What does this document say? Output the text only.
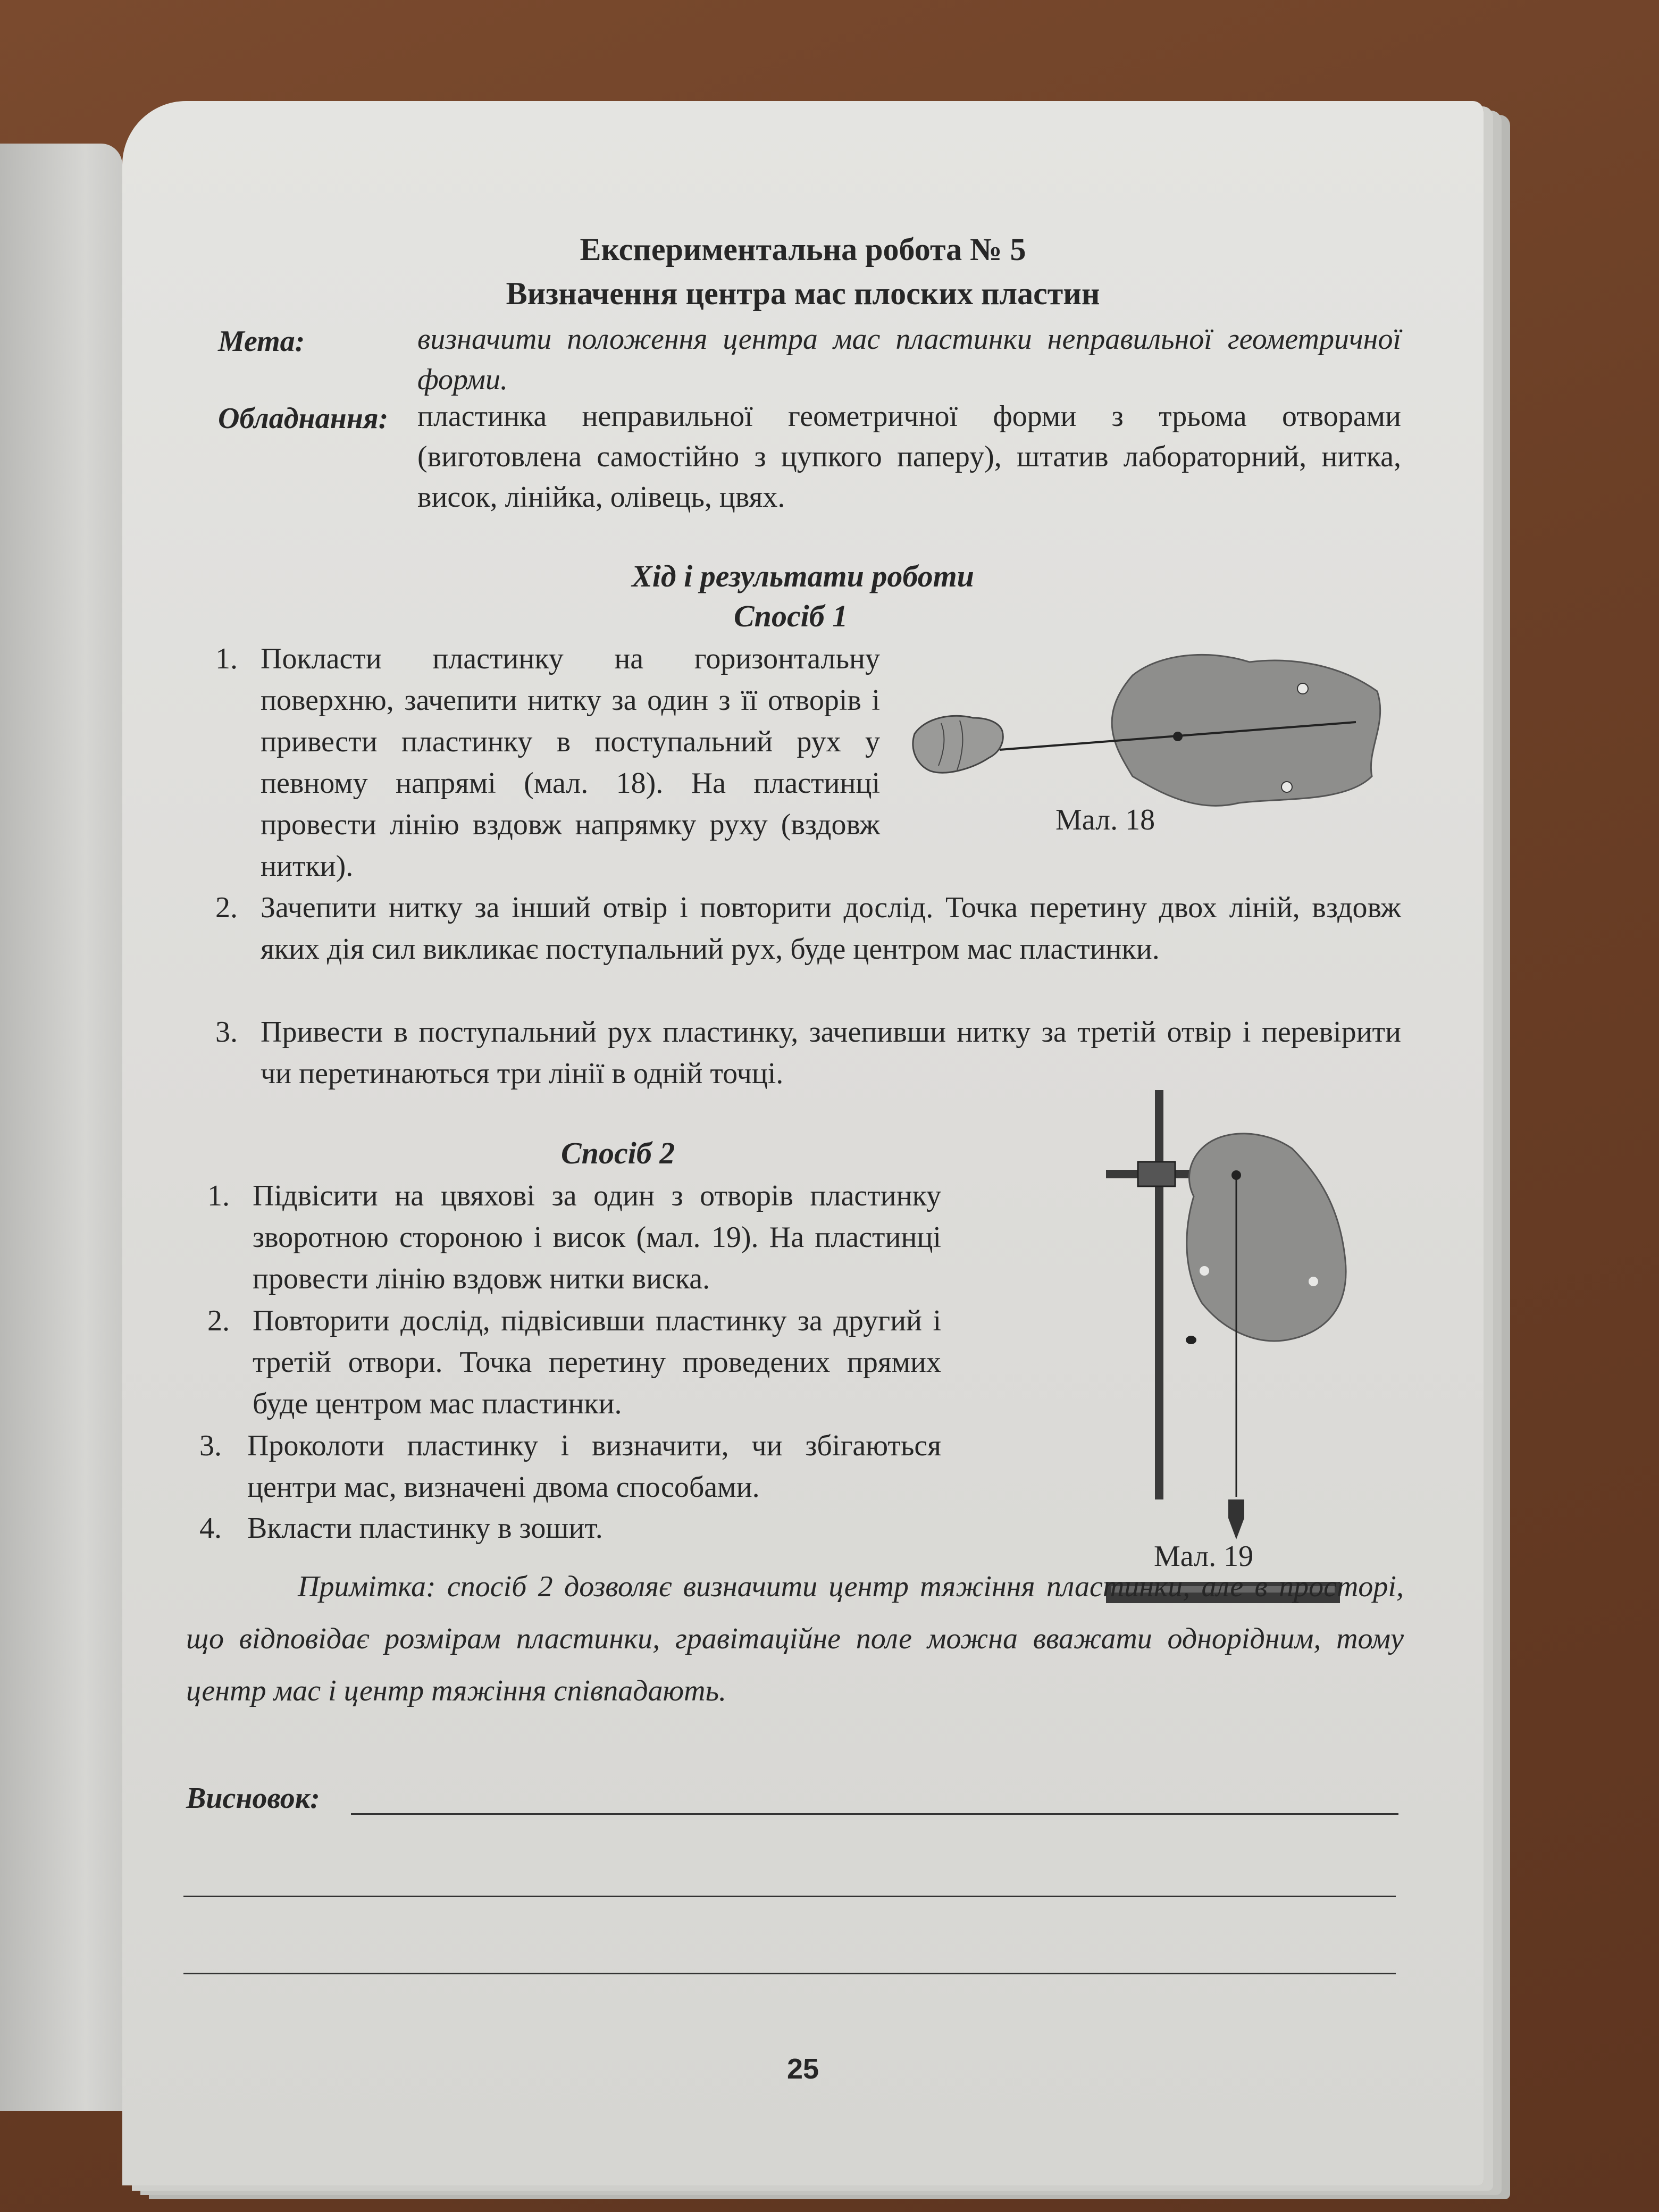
Експериментальна робота № 5
Визначення центра мас плоских пластин
Мета:	визначити положення центра мас пластинки неправильної геометричної форми.
Обладнання: пластинка неправильної геометричної форми з трьома отворами (виготовлена самостійно з цупкого паперу), штатив лабораторний, нитка, висок, лінійка, олівець, цвях.
Хід і результати роботи
Спосіб 1
1. Покласти пластинку на горизонтальну поверхню, зачепити нитку за один з її отворів і привести пластинку в поступальний рух у певному напрямі (мал. 18). На пластинці провести лінію вздовж напрямку руху (вздовж нитки).
Мал. 18
2. Зачепити нитку за інший отвір і повторити дослід. Точка перетину двох ліній, вздовж яких дія сил викликає поступальний рух, буде центром мас пластинки.
3. Привести в поступальний рух пластинку, зачепивши нитку за третій отвір і перевірити чи перетинаються три лінії в одній точці.
Спосіб 2
1. Підвісити на цвяхові за один з отворів пластинку зворотною стороною і висок (мал. 19). На пластинці провести лінію вздовж нитки виска.
2. Повторити дослід, підвісивши пластинку за другий і третій отвори. Точка перетину проведених прямих буде центром мас пластинки.
3. Проколоти пластинку і визначити, чи збігаються центри мас, визначені двома способами.
4. Вкласти пластинку в зошит.
Мал. 19
Примітка: спосіб 2 дозволяє визначити центр тяжіння пластинки, але в просторі, що відповідає розмірам пластинки, гравітаційне поле можна вважати однорідним, тому центр мас і центр тяжіння співпадають.
Висновок:
25
